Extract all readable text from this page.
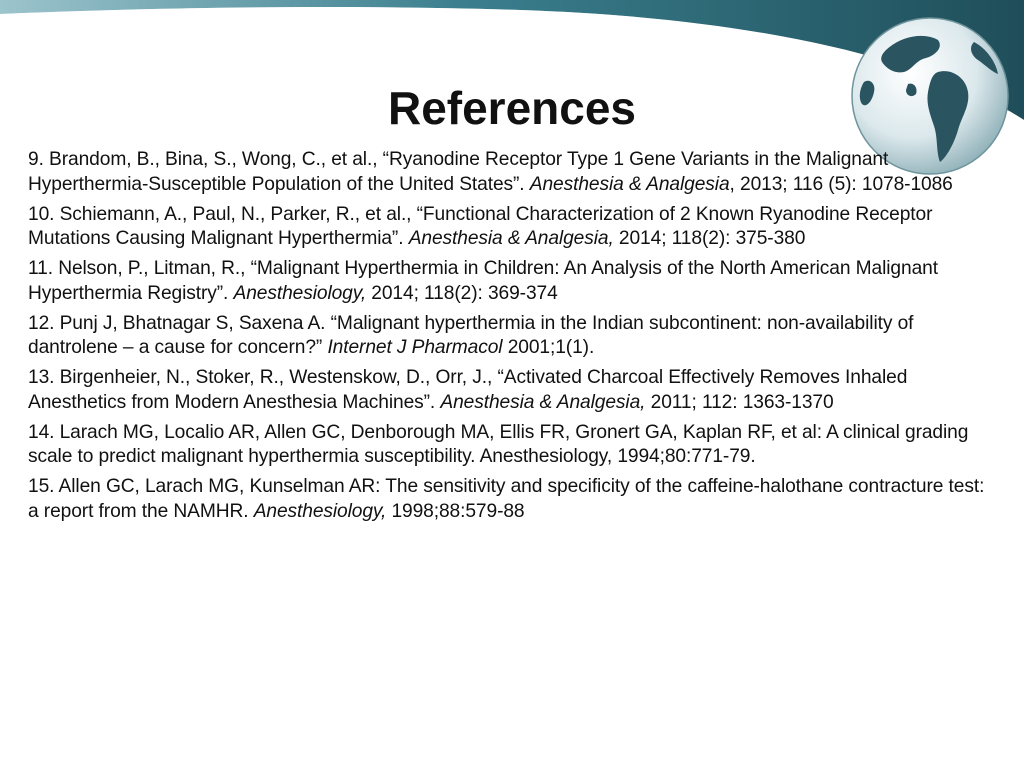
References

9. Brandom, B., Bina, S., Wong, C., et al., “Ryanodine Receptor Type 1 Gene Variants in the Malignant Hyperthermia-Susceptible Population of the United States”. Anesthesia & Analgesia, 2013; 116 (5): 1078-1086

10. Schiemann, A., Paul, N., Parker, R., et al., “Functional Characterization of 2 Known Ryanodine Receptor Mutations Causing Malignant Hyperthermia”. Anesthesia & Analgesia, 2014; 118(2): 375-380

11. Nelson, P., Litman, R., “Malignant Hyperthermia in Children: An Analysis of the North American Malignant Hyperthermia Registry”. Anesthesiology, 2014; 118(2): 369-374

12. Punj J, Bhatnagar S, Saxena A. “Malignant hyperthermia in the Indian subcontinent: non-availability of dantrolene – a cause for concern?” Internet J Pharmacol 2001;1(1).

13. Birgenheier, N., Stoker, R., Westenskow, D., Orr, J., “Activated Charcoal Effectively Removes Inhaled Anesthetics from Modern Anesthesia Machines”. Anesthesia & Analgesia, 2011; 112: 1363-1370

14. Larach MG, Localio AR, Allen GC, Denborough MA, Ellis FR, Gronert GA, Kaplan RF, et al: A clinical grading scale to predict malignant hyperthermia susceptibility. Anesthesiology, 1994;80:771-79.

15. Allen GC, Larach MG, Kunselman AR: The sensitivity and specificity of the caffeine-halothane contracture test: a report from the NAMHR. Anesthesiology, 1998;88:579-88
